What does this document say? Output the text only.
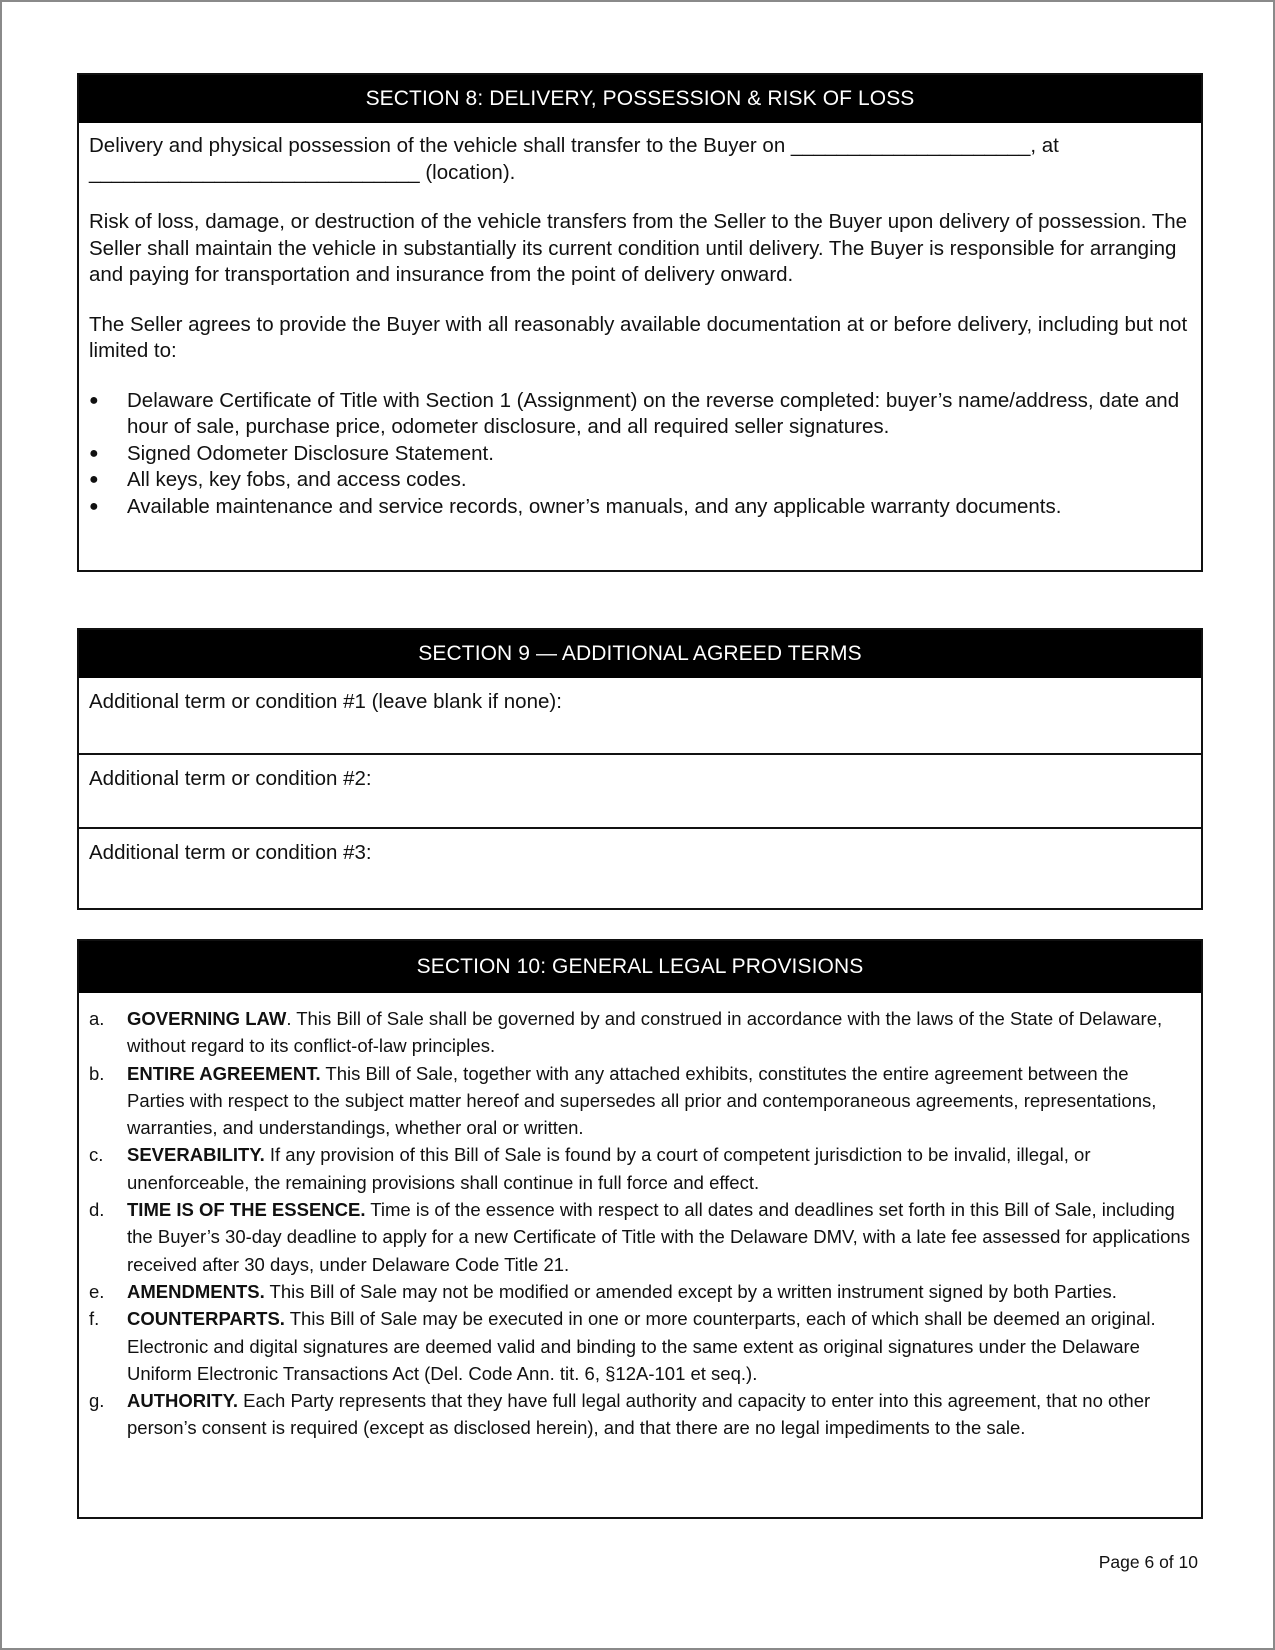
SECTION 8: DELIVERY, POSSESSION & RISK OF LOSS

Delivery and physical possession of the vehicle shall transfer to the Buyer on _____________________, at _____________________________ (location).

Risk of loss, damage, or destruction of the vehicle transfers from the Seller to the Buyer upon delivery of possession. The Seller shall maintain the vehicle in substantially its current condition until delivery. The Buyer is responsible for arranging and paying for transportation and insurance from the point of delivery onward.

The Seller agrees to provide the Buyer with all reasonably available documentation at or before delivery, including but not limited to:

● Delaware Certificate of Title with Section 1 (Assignment) on the reverse completed: buyer’s name/address, date and hour of sale, purchase price, odometer disclosure, and all required seller signatures.
● Signed Odometer Disclosure Statement.
● All keys, key fobs, and access codes.
● Available maintenance and service records, owner’s manuals, and any applicable warranty documents.
SECTION 9 — ADDITIONAL AGREED TERMS
Additional term or condition #1 (leave blank if none):
Additional term or condition #2:
Additional term or condition #3:
SECTION 10: GENERAL LEGAL PROVISIONS
a. GOVERNING LAW. This Bill of Sale shall be governed by and construed in accordance with the laws of the State of Delaware, without regard to its conflict-of-law principles.
b. ENTIRE AGREEMENT. This Bill of Sale, together with any attached exhibits, constitutes the entire agreement between the Parties with respect to the subject matter hereof and supersedes all prior and contemporaneous agreements, representations, warranties, and understandings, whether oral or written.
c. SEVERABILITY. If any provision of this Bill of Sale is found by a court of competent jurisdiction to be invalid, illegal, or unenforceable, the remaining provisions shall continue in full force and effect.
d. TIME IS OF THE ESSENCE. Time is of the essence with respect to all dates and deadlines set forth in this Bill of Sale, including the Buyer’s 30-day deadline to apply for a new Certificate of Title with the Delaware DMV, with a late fee assessed for applications received after 30 days, under Delaware Code Title 21.
e. AMENDMENTS. This Bill of Sale may not be modified or amended except by a written instrument signed by both Parties.
f. COUNTERPARTS. This Bill of Sale may be executed in one or more counterparts, each of which shall be deemed an original. Electronic and digital signatures are deemed valid and binding to the same extent as original signatures under the Delaware Uniform Electronic Transactions Act (Del. Code Ann. tit. 6, §12A-101 et seq.).
g. AUTHORITY. Each Party represents that they have full legal authority and capacity to enter into this agreement, that no other person’s consent is required (except as disclosed herein), and that there are no legal impediments to the sale.
Page 6 of 10
